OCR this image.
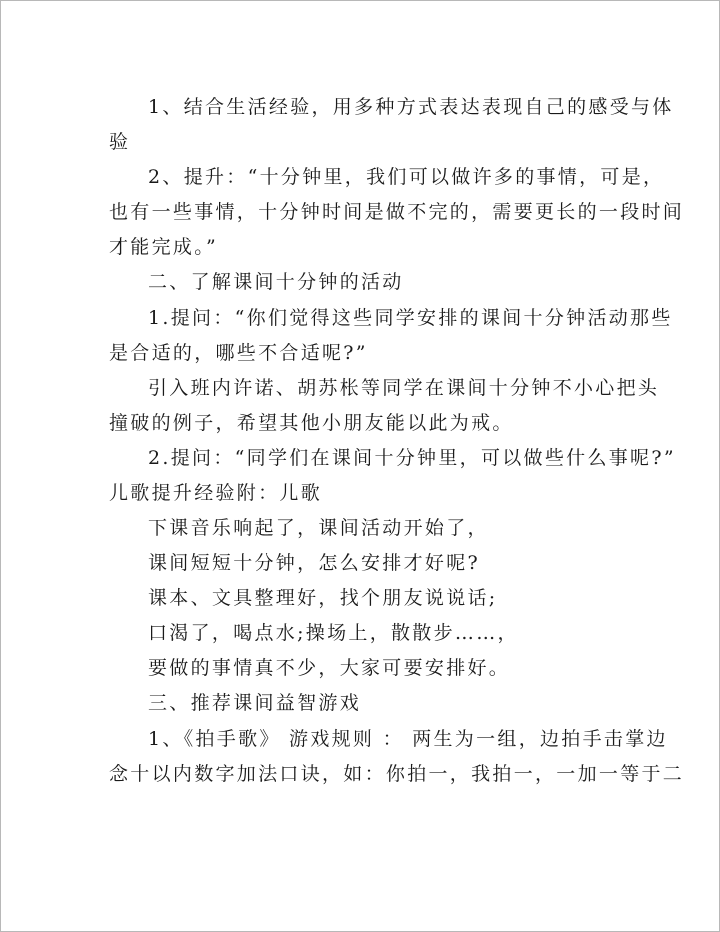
1、结合生活经验，用多种方式表达表现自己的感受与体
验
2、提升：“十分钟里，我们可以做许多的事情，可是，
也有一些事情，十分钟时间是做不完的，需要更长的一段时间
才能完成。”
二、了解课间十分钟的活动
1.提问：“你们觉得这些同学安排的课间十分钟活动那些
是合适的，哪些不合适呢?”
引入班内许诺、胡苏枨等同学在课间十分钟不小心把头
撞破的例子，希望其他小朋友能以此为戒。
2.提问：“同学们在课间十分钟里，可以做些什么事呢?”
儿歌提升经验附：儿歌
下课音乐响起了，课间活动开始了，
课间短短十分钟，怎么安排才好呢?
课本、文具整理好，找个朋友说说话;
口渴了，喝点水;操场上，散散步……，
要做的事情真不少，大家可要安排好。
三、推荐课间益智游戏
1、《拍手歌》 游戏规则 ： 两生为一组，边拍手击掌边
念十以内数字加法口诀，如：你拍一，我拍一，一加一等于二
